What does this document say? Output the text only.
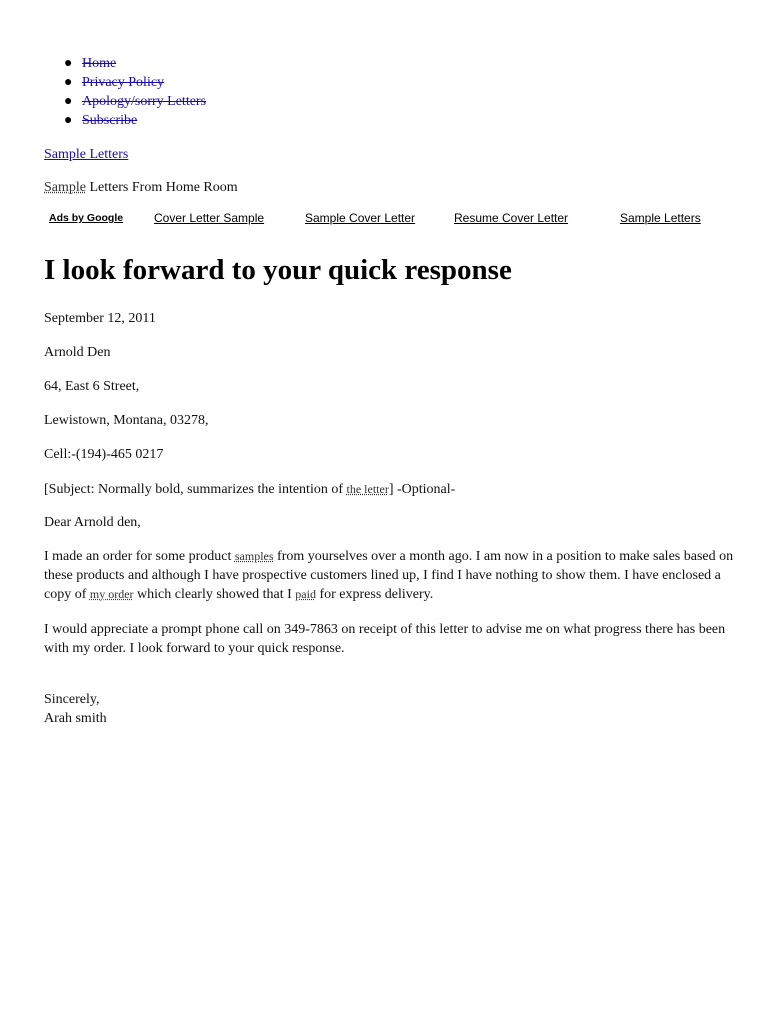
● Home
● Privacy Policy
● Apology/sorry Letters
● Subscribe
Sample Letters
Sample Letters From Home Room
Ads by Google	Cover Letter Sample	Sample Cover Letter	Resume Cover Letter	Sample Letters
I look forward to your quick response
September 12, 2011
Arnold Den
64, East 6 Street,
Lewistown, Montana, 03278,
Cell:-(194)-465 0217
[Subject: Normally bold, summarizes the intention of the letter] -Optional-
Dear Arnold den,
I made an order for some product samples from yourselves over a month ago. I am now in a position to make sales based on these products and although I have prospective customers lined up, I find I have nothing to show them. I have enclosed a copy of my order which clearly showed that I paid for express delivery.
I would appreciate a prompt phone call on 349-7863 on receipt of this letter to advise me on what progress there has been with my order. I look forward to your quick response.
Sincerely,
Arah smith
